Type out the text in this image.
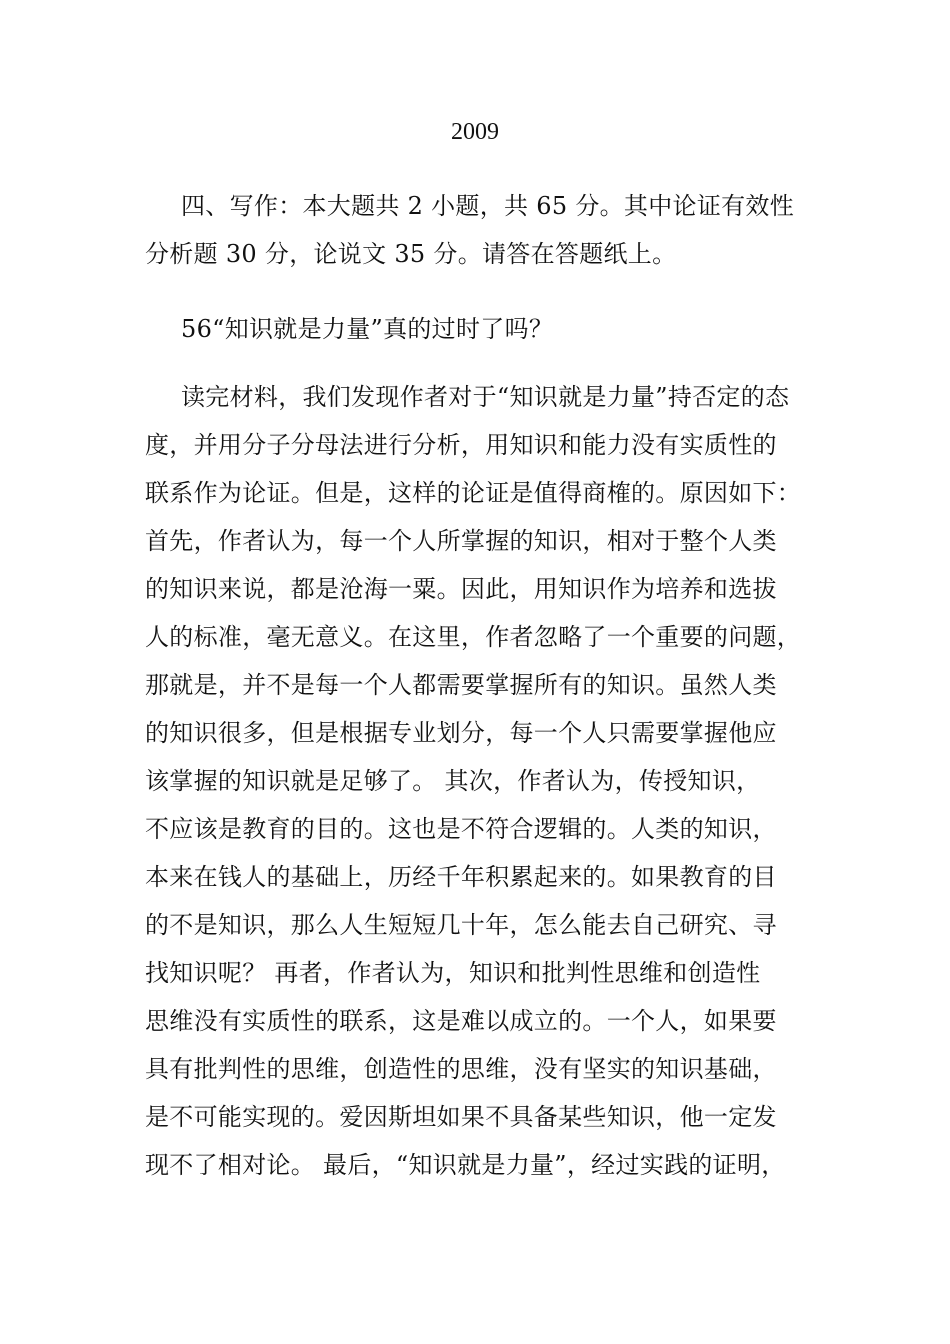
2009

四、写作：本大题共 2 小题，共 65 分。其中论证有效性
分析题 30 分，论说文 35 分。请答在答题纸上。

56“知识就是力量”真的过时了吗？

读完材料，我们发现作者对于“知识就是力量”持否定的态
度，并用分子分母法进行分析，用知识和能力没有实质性的
联系作为论证。但是，这样的论证是值得商榷的。原因如下：
首先，作者认为，每一个人所掌握的知识，相对于整个人类
的知识来说，都是沧海一粟。因此，用知识作为培养和选拔
人的标准，毫无意义。在这里，作者忽略了一个重要的问题，
那就是，并不是每一个人都需要掌握所有的知识。虽然人类
的知识很多，但是根据专业划分，每一个人只需要掌握他应
该掌握的知识就是足够了。 其次，作者认为，传授知识，
不应该是教育的目的。这也是不符合逻辑的。人类的知识，
本来在钱人的基础上，历经千年积累起来的。如果教育的目
的不是知识，那么人生短短几十年，怎么能去自己研究、寻
找知识呢？ 再者，作者认为，知识和批判性思维和创造性
思维没有实质性的联系，这是难以成立的。一个人，如果要
具有批判性的思维，创造性的思维，没有坚实的知识基础，
是不可能实现的。爱因斯坦如果不具备某些知识，他一定发
现不了相对论。 最后，“知识就是力量”，经过实践的证明，
